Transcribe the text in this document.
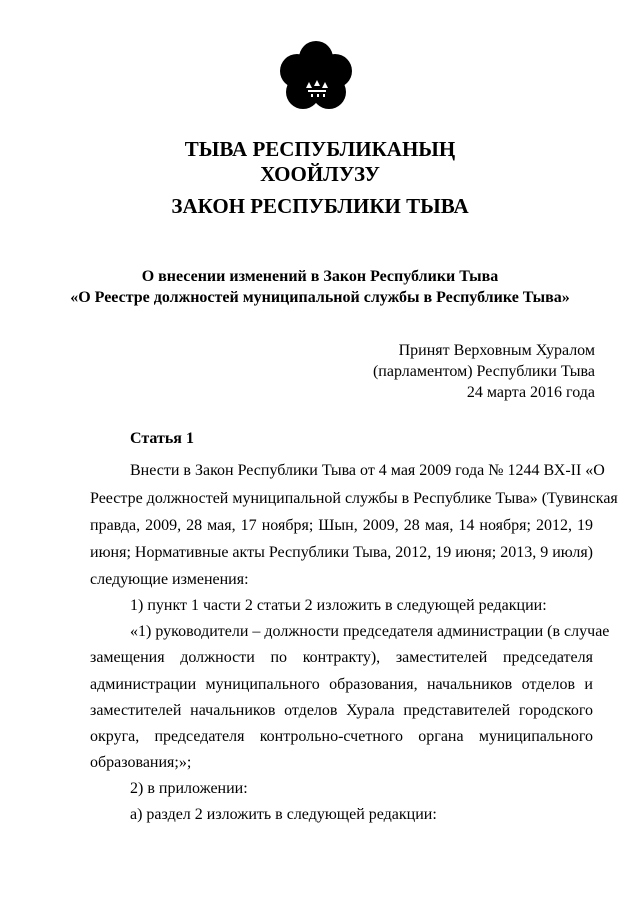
ТЫВА РЕСПУБЛИКАНЫҢ
ХООЙЛУЗУ
ЗАКОН РЕСПУБЛИКИ ТЫВА
О внесении изменений в Закон Республики Тыва
«О Реестре должностей муниципальной службы в Республике Тыва»
Принят Верховным Хуралом
(парламентом) Республики Тыва
24 марта 2016 года
Статья 1
Внести в Закон Республики Тыва от 4 мая 2009 года № 1244 ВХ-II «О
Реестре должностей муниципальной службы в Республике Тыва» (Тувинская
правда, 2009, 28 мая, 17 ноября; Шын, 2009, 28 мая, 14 ноября; 2012, 19
июня; Нормативные акты Республики Тыва, 2012, 19 июня; 2013, 9 июля)
следующие изменения:
1) пункт 1 части 2 статьи 2 изложить в следующей редакции:
«1) руководители – должности председателя администрации (в случае
замещения должности по контракту), заместителей председателя
администрации муниципального образования, начальников отделов и
заместителей начальников отделов Хурала представителей городского
округа, председателя контрольно-счетного органа муниципального
образования;»;
2) в приложении:
а) раздел 2 изложить в следующей редакции:
